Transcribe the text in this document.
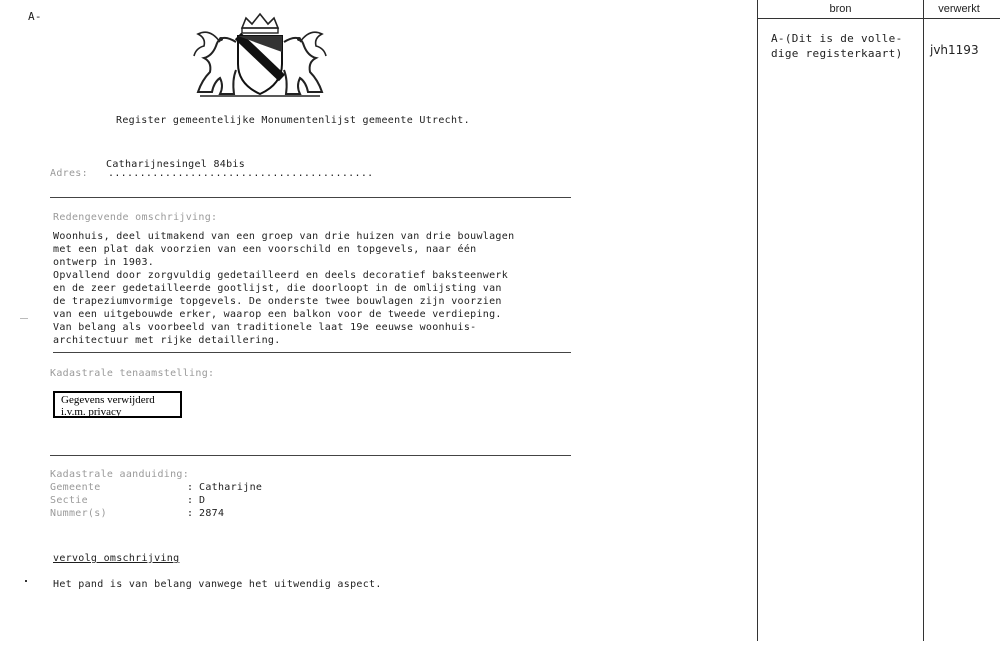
A-
Register gemeentelijke Monumentenlijst gemeente Utrecht.
Catharijnesingel 84bis
Adres: ..........................................
Redengevende omschrijving:
Woonhuis, deel uitmakend van een groep van drie huizen van drie bouwlagen
met een plat dak voorzien van een voorschild en topgevels, naar één
ontwerp in 1903.
Opvallend door zorgvuldig gedetailleerd en deels decoratief baksteenwerk
en de zeer gedetailleerde gootlijst, die doorloopt in de omlijsting van
de trapeziumvormige topgevels. De onderste twee bouwlagen zijn voorzien
van een uitgebouwde erker, waarop een balkon voor de tweede verdieping.
Van belang als voorbeeld van traditionele laat 19e eeuwse woonhuis-
architectuur met rijke detaillering.
Kadastrale tenaamstelling:
Gegevens verwijderd i.v.m. privacy
Kadastrale aanduiding:
Gemeente	: Catharijne
Sectie	: D
Nummer(s)	: 2874
vervolg omschrijving
Het pand is van belang vanwege het uitwendig aspect.
bron	verwerkt
A-(Dit is de volle-
dige registerkaart) jvh1193
